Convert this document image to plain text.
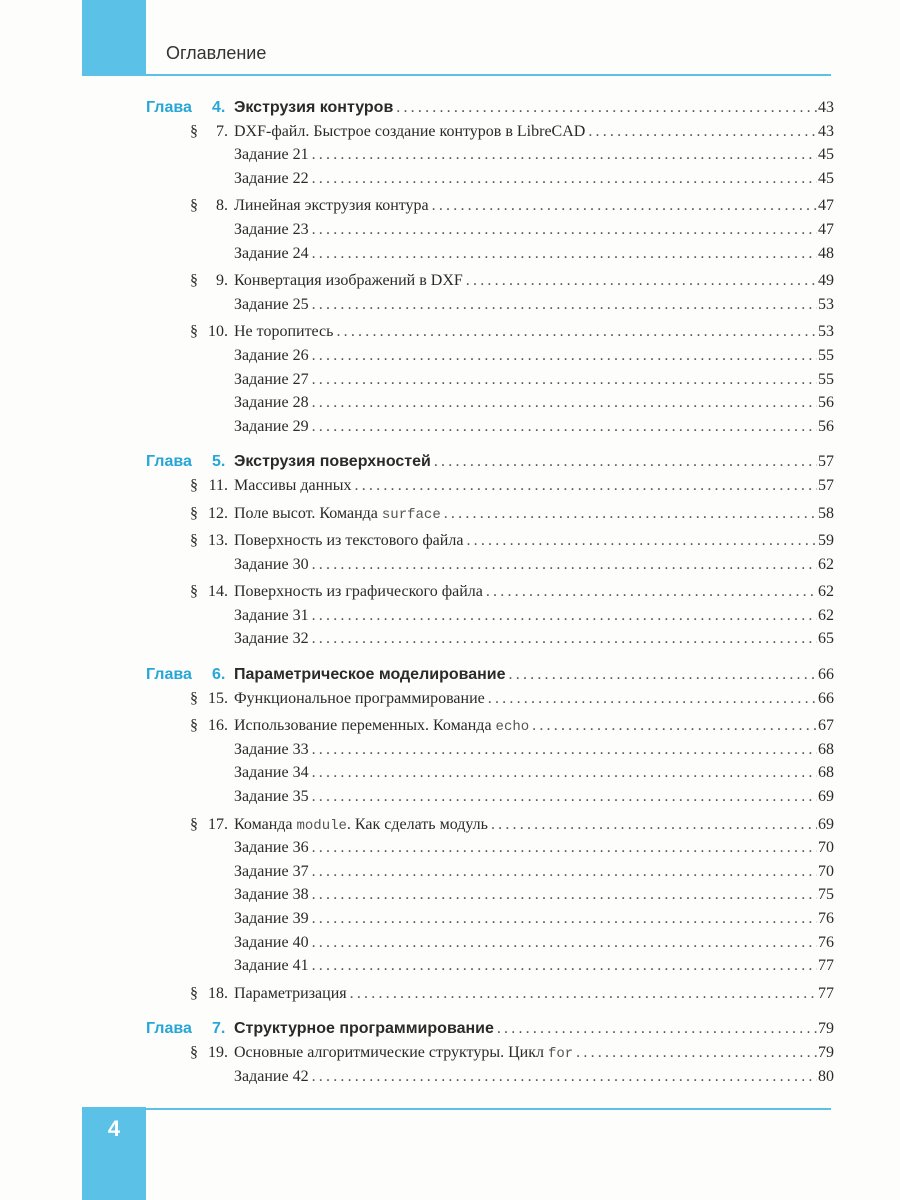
Оглавление
Глава 4. Экструзия контуров .....	43
§ 7. DXF-файл. Быстрое создание контуров в LibreCAD .....	43
Задание 21 .....	45
Задание 22 .....	45
§ 8. Линейная экструзия контура .....	47
Задание 23 .....	47
Задание 24 .....	48
§ 9. Конвертация изображений в DXF .....	49
Задание 25 .....	53
§ 10. Не торопитесь .....	53
Задание 26 .....	55
Задание 27 .....	55
Задание 28 .....	56
Задание 29 .....	56
Глава 5. Экструзия поверхностей .....	57
§ 11. Массивы данных .....	57
§ 12. Поле высот. Команда surface .....	58
§ 13. Поверхность из текстового файла .....	59
Задание 30 .....	62
§ 14. Поверхность из графического файла .....	62
Задание 31 .....	62
Задание 32 .....	65
Глава 6. Параметрическое моделирование .....	66
§ 15. Функциональное программирование .....	66
§ 16. Использование переменных. Команда echo .....	67
Задание 33 .....	68
Задание 34 .....	68
Задание 35 .....	69
§ 17. Команда module. Как сделать модуль .....	69
Задание 36 .....	70
Задание 37 .....	70
Задание 38 .....	75
Задание 39 .....	76
Задание 40 .....	76
Задание 41 .....	77
§ 18. Параметризация .....	77
Глава 7. Структурное программирование .....	79
§ 19. Основные алгоритмические структуры. Цикл for .....	79
Задание 42 .....	80
4
